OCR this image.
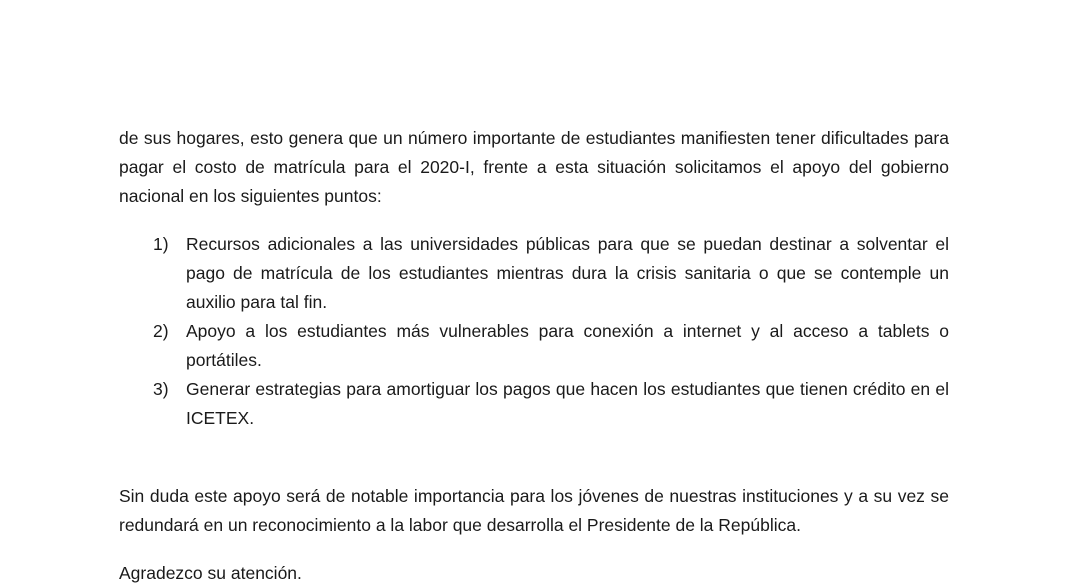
de sus hogares, esto genera que un número importante de estudiantes manifiesten tener dificultades para pagar el costo de matrícula para el 2020-I, frente a esta situación solicitamos el apoyo del gobierno nacional en los siguientes puntos:

1) Recursos adicionales a las universidades públicas para que se puedan destinar a solventar el pago de matrícula de los estudiantes mientras dura la crisis sanitaria o que se contemple un auxilio para tal fin.
2) Apoyo a los estudiantes más vulnerables para conexión a internet y al acceso a tablets o portátiles.
3) Generar estrategias para amortiguar los pagos que hacen los estudiantes que tienen crédito en el ICETEX.

Sin duda este apoyo será de notable importancia para los jóvenes de nuestras instituciones y a su vez se redundará en un reconocimiento a la labor que desarrolla el Presidente de la República.

Agradezco su atención.
